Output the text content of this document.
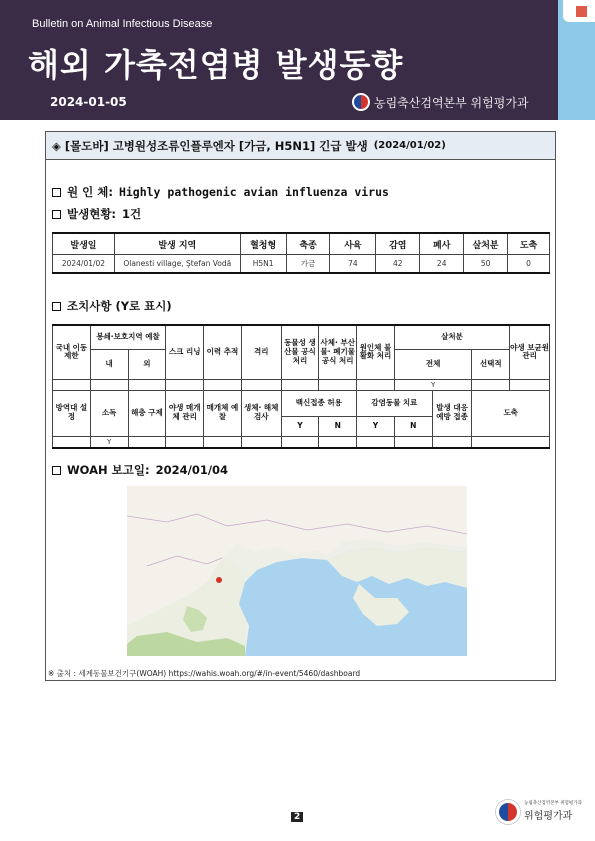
Bulletin on Animal Infectious Disease
해외 가축전염병 발생동향
2024-01-05	농림축산검역본부 위험평가과
◈ [몰도바] 고병원성조류인플루엔자 [가금, H5N1] 긴급 발생 (2024/01/02)
원 인 체: Highly pathogenic avian influenza virus
발생현황: 1건
발생일	발생 지역	혈청형	축종	사육	감염	폐사	살처분	도축
2024/01/02	Olanesti village, Ştefan Vodă	H5N1	가금	74	42	24	50	0
조치사항 (Y로 표시)
국내 이동 제한	봉쇄·보호지역 예찰		스크 리닝	이력 추적	격리	동물성 생산물 공식 처리	사체· 부산물· 폐기물 공식 처리	원인체 불활화 처리	살처분			야생 보균원 관리
	내	외							전체		선택적	
									Y			
방역대 설정	소독	해충 구제	야생 매개체 관리	매개체 예찰	생체· 해체 검사	백신접종 허용		감염동물 치료		발생 대응 예방 접종	도축	
						Y	N	Y	N			
	Y											
WOAH 보고일: 2024/01/04
※ 출처 : 세계동물보건기구(WOAH) https://wahis.woah.org/#/in-event/5460/dashboard
2
농림축산검역본부 위험평가과
위험평가과
